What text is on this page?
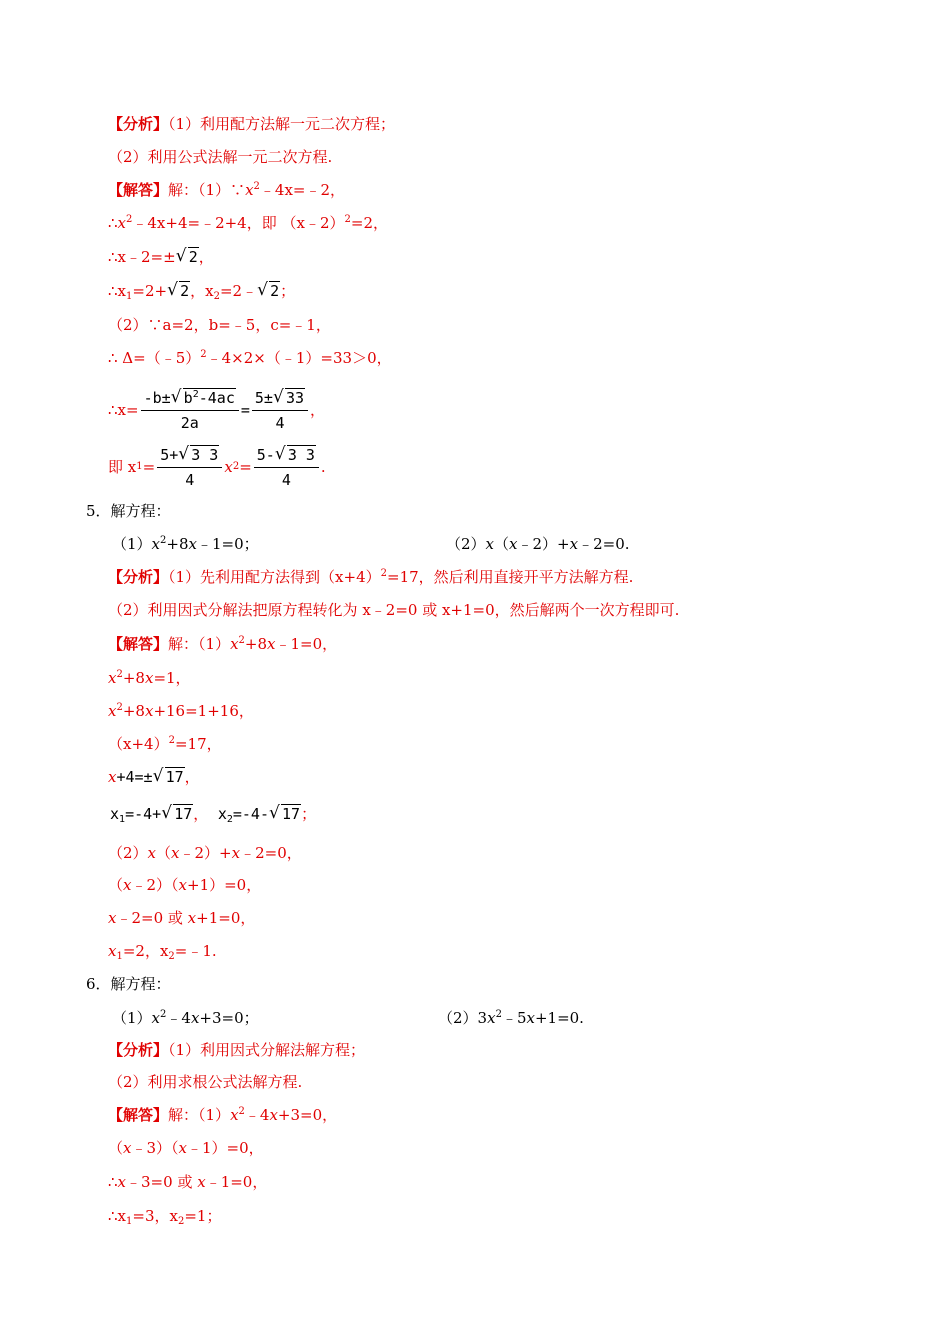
【分析】（1）利用配方法解一元二次方程；
（2）利用公式法解一元二次方程.
【解答】解：$(1)\because x^2﹣4x=﹣2$，
$\therefore x^2﹣4x+4=﹣2+4$，即 （x﹣2）$^2$=2，
∴x﹣2=±√ 2，
$\therefore x_1=2+√$ 2，$x_2=2﹣√$ 2；
（2）∵a=2，b=﹣5，c=﹣1，
∴ Δ=（﹣5）$^2$﹣4×2×（﹣1）=33＞0，
∴x= $\frac{-b\pm√ b^2-4ac}{2a} = \frac{5\pm√ 33}{4}$ ，
即 x $1 = \frac{5+√ 3 3}{4}$ x $2 = \frac{5-√ 3 3}{4}$ .
5．解方程：
$(1)x^2+8x﹣1=0$；	（2）x（x﹣2）+x﹣2=0.
【分析】（1）先利用配方法得到$(x+4)^2=17$，然后利用直接开平方法解方程.
（2）利用因式分解法把原方程转化为 x﹣2=0 或 x+1=0，然后解两个一次方程即可.
【解答】解：$(1)x^2+8x﹣1=0$，
$x^2+8x=1$，
$x^2+8x+16=1+16$，
$(x+4)^2=17$，
x+4=±√ 17，
$x_1=-4+√$ 17， $x_2=-4-√$ 17；
（2）x（x﹣2）+x﹣2=0，
（x﹣2）（x+1）=0，
x﹣2=0 或 x+1=0，
$x_1=2$，$x_2=﹣1$.
6．解方程：
$(1)x^2﹣4x+3=0$；	$(2)3x^2﹣5x+1=0$.
【分析】（1）利用因式分解法解方程；
（2）利用求根公式法解方程.
【解答】解：$(1)x^2﹣4x+3=0$，
（x﹣3）（x﹣1）=0，
∴x﹣3=0 或 x﹣1=0，
$\therefore x_1=3$，$x_2=1$；
